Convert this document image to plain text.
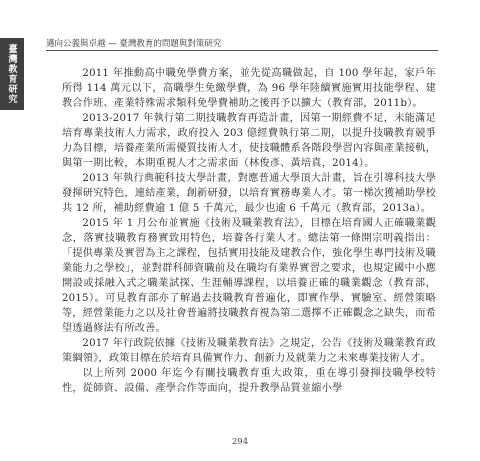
臺灣教育研究	邁向公義與卓越 — 臺灣教育的問題與對策研究

2011 年推動高中職免學費方案，並先從高職做起，自 100 學年起，家戶年所得 114 萬元以下，高職學生免繳學費，為 96 學年陸續實施實用技能學程、建教合作班、產業特殊需求類科免學費補助之後再予以擴大（教育部，2011b）。

2013-2017 年執行第二期技職教育再造計畫，因第一期經費不足，未能滿足培育專業技術人力需求，政府投入 203 億經費執行第二期，以提升技職教育競爭力為目標，培養產業所需優質技術人才，使技職體系各階段學習內容與產業接軌，與第一期比較，本期重視人才之需求面（林俊彥、黃培真，2014）。

2013 年執行典範科技大學計畫，對應普通大學頂大計畫，旨在引導科技大學發揮研究特色，連結產業，創新研發，以培育實務專業人才。第一梯次獲補助學校共 12 所，補助經費逾 1 億 5 千萬元，最少也逾 6 千萬元（教育部，2013a）。

2015 年 1 月公布並實施《技術及職業教育法》，目標在培育國人正確職業觀念，落實技職教育務實致用特色，培養各行業人才。總法第一條開宗明義指出：「提供專業及實習為主之課程，包括實用技能及建教合作，強化學生專門技術及職業能力之學校」，並對群科師資職前及在職均有業界實習之要求，也規定國中小應開設或採融入式之職業試探、生涯輔導課程，以培養正確的職業觀念（教育部，2015）。可見教育部亦了解過去技職教育普遍化，即實作學、實驗室、經營策略等，經營業能力之以及社會普遍將技職教育視為第二選擇不正確觀念之缺失，而希望透過修法有所改善。

2017 年行政院依據《技術及職業教育法》之規定，公告《技術及職業教育政策綱領》，政策目標在於培育具備實作力、創新力及就業力之未來專業技術人才。

以上所列 2000 年迄今有關技職教育重大政策，重在導引發揮技職學校特性，從師資、設備、產學合作等面向，提升教學品質並縮小學

294
